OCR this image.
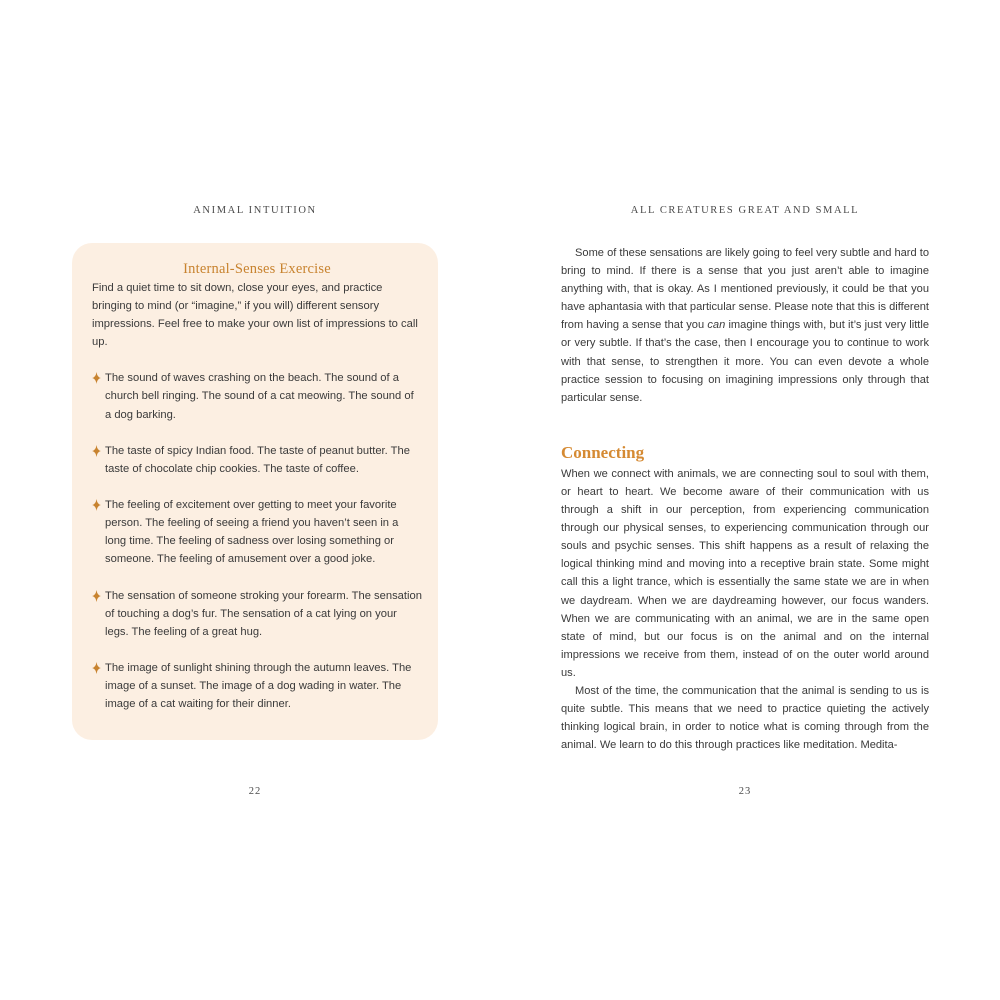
ANIMAL INTUITION
Internal-Senses Exercise

Find a quiet time to sit down, close your eyes, and practice bringing to mind (or “imagine,” if you will) different sensory impressions. Feel free to make your own list of impressions to call up.

The sound of waves crashing on the beach. The sound of a church bell ringing. The sound of a cat meowing. The sound of a dog barking.

The taste of spicy Indian food. The taste of peanut butter. The taste of chocolate chip cookies. The taste of coffee.

The feeling of excitement over getting to meet your favorite person. The feeling of seeing a friend you haven’t seen in a long time. The feeling of sadness over losing something or someone. The feeling of amusement over a good joke.

The sensation of someone stroking your forearm. The sensation of touching a dog’s fur. The sensation of a cat lying on your legs. The feeling of a great hug.

The image of sunlight shining through the autumn leaves. The image of a sunset. The image of a dog wading in water. The image of a cat waiting for their dinner.

22
ALL CREATURES GREAT AND SMALL

Some of these sensations are likely going to feel very subtle and hard to bring to mind. If there is a sense that you just aren’t able to imagine anything with, that is okay. As I mentioned previously, it could be that you have aphantasia with that particular sense. Please note that this is different from having a sense that you can imagine things with, but it’s just very little or very subtle. If that’s the case, then I encourage you to continue to work with that sense, to strengthen it more. You can even devote a whole practice session to focusing on imagining impressions only through that particular sense.

Connecting

When we connect with animals, we are connecting soul to soul with them, or heart to heart. We become aware of their communication with us through a shift in our perception, from experiencing communication through our physical senses, to experiencing communication through our souls and psychic senses. This shift happens as a result of relaxing the logical thinking mind and moving into a receptive brain state. Some might call this a light trance, which is essentially the same state we are in when we daydream. When we are daydreaming however, our focus wanders. When we are communicating with an animal, we are in the same open state of mind, but our focus is on the animal and on the internal impressions we receive from them, instead of on the outer world around us.

Most of the time, the communication that the animal is sending to us is quite subtle. This means that we need to practice quieting the actively thinking logical brain, in order to notice what is coming through from the animal. We learn to do this through practices like meditation. Medita-

23
